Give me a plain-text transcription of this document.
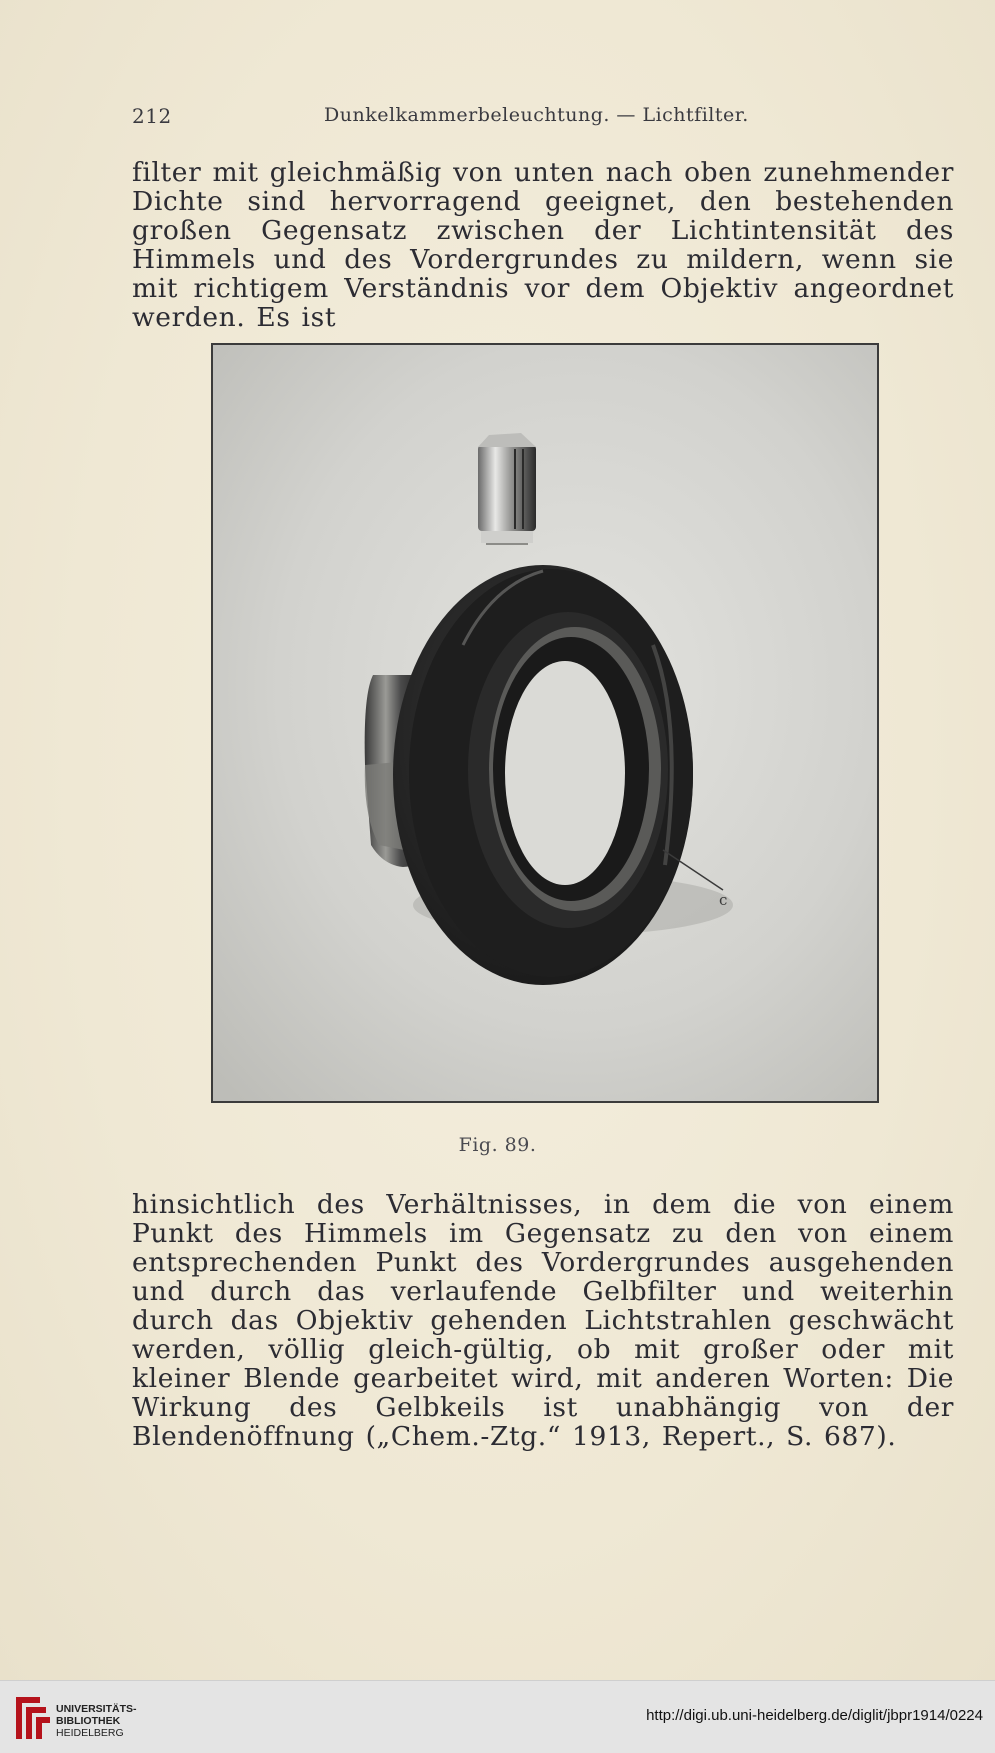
212	Dunkelkammerbeleuchtung. — Lichtfilter.

filter mit gleichmäßig von unten nach oben zunehmender Dichte sind hervorragend geeignet, den bestehenden großen Gegensatz zwischen der Lichtintensität des Himmels und des Vordergrundes zu mildern, wenn sie mit richtigem Verständnis vor dem Objektiv angeordnet werden. Es ist

c
Fig. 89.

hinsichtlich des Verhältnisses, in dem die von einem Punkt des Himmels im Gegensatz zu den von einem entsprechenden Punkt des Vordergrundes ausgehenden und durch das verlaufende Gelbfilter und weiterhin durch das Objektiv gehenden Lichtstrahlen geschwächt werden, völlig gleich-gültig, ob mit großer oder mit kleiner Blende gearbeitet wird, mit anderen Worten: Die Wirkung des Gelbkeils ist unabhängig von der Blendenöffnung („Chem.-Ztg.“ 1913, Repert., S. 687).

UNIVERSITÄTS-
BIBLIOTHEK
HEIDELBERG
http://digi.ub.uni-heidelberg.de/diglit/jbpr1914/0224
